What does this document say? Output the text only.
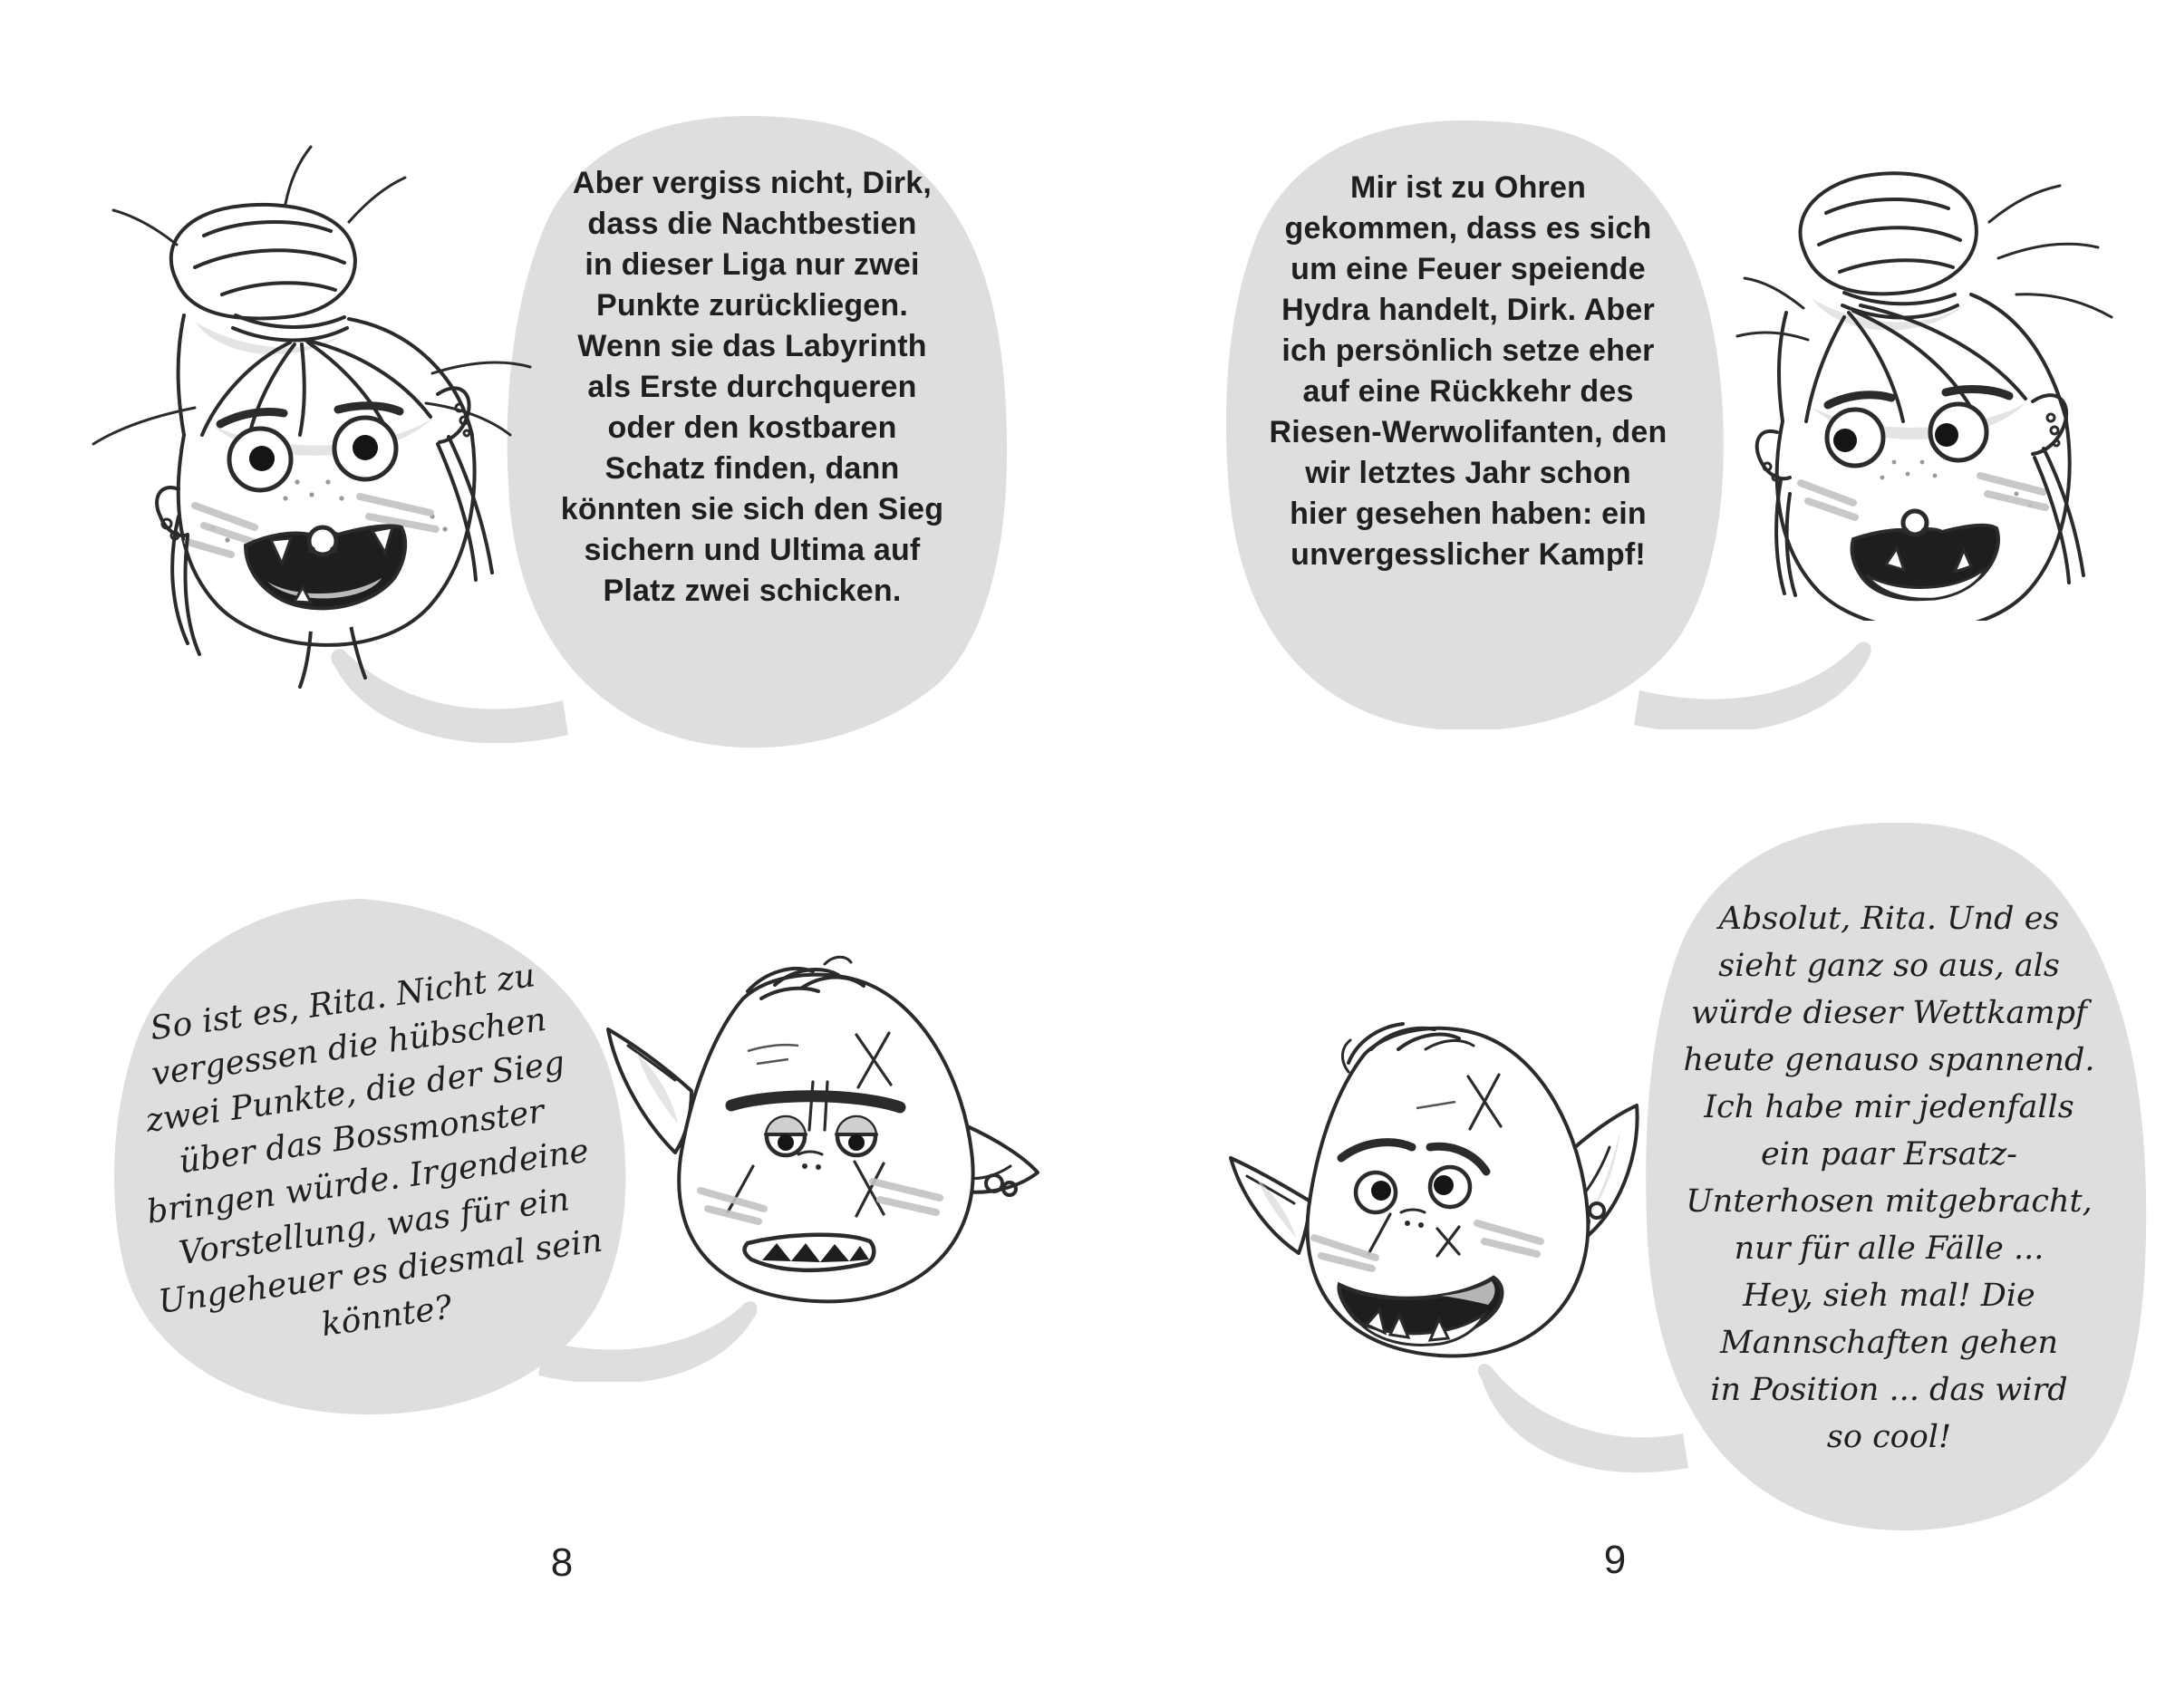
Aber vergiss nicht, Dirk,
dass die Nachtbestien
in dieser Liga nur zwei
Punkte zurückliegen.
Wenn sie das Labyrinth
als Erste durchqueren
oder den kostbaren
Schatz finden, dann
könnten sie sich den Sieg
sichern und Ultima auf
Platz zwei schicken.
Mir ist zu Ohren
gekommen, dass es sich
um eine Feuer speiende
Hydra handelt, Dirk. Aber
ich persönlich setze eher
auf eine Rückkehr des
Riesen-Werwolifanten, den
wir letztes Jahr schon
hier gesehen haben: ein
unvergesslicher Kampf!
So ist es, Rita. Nicht zu
vergessen die hübschen
zwei Punkte, die der Sieg
über das Bossmonster
bringen würde. Irgendeine
Vorstellung, was für ein
Ungeheuer es diesmal sein
könnte?
Absolut, Rita. Und es
sieht ganz so aus, als
würde dieser Wettkampf
heute genauso spannend.
Ich habe mir jedenfalls
ein paar Ersatz-
Unterhosen mitgebracht,
nur für alle Fälle ...
Hey, sieh mal! Die
Mannschaften gehen
in Position ... das wird
so cool!
8	9
